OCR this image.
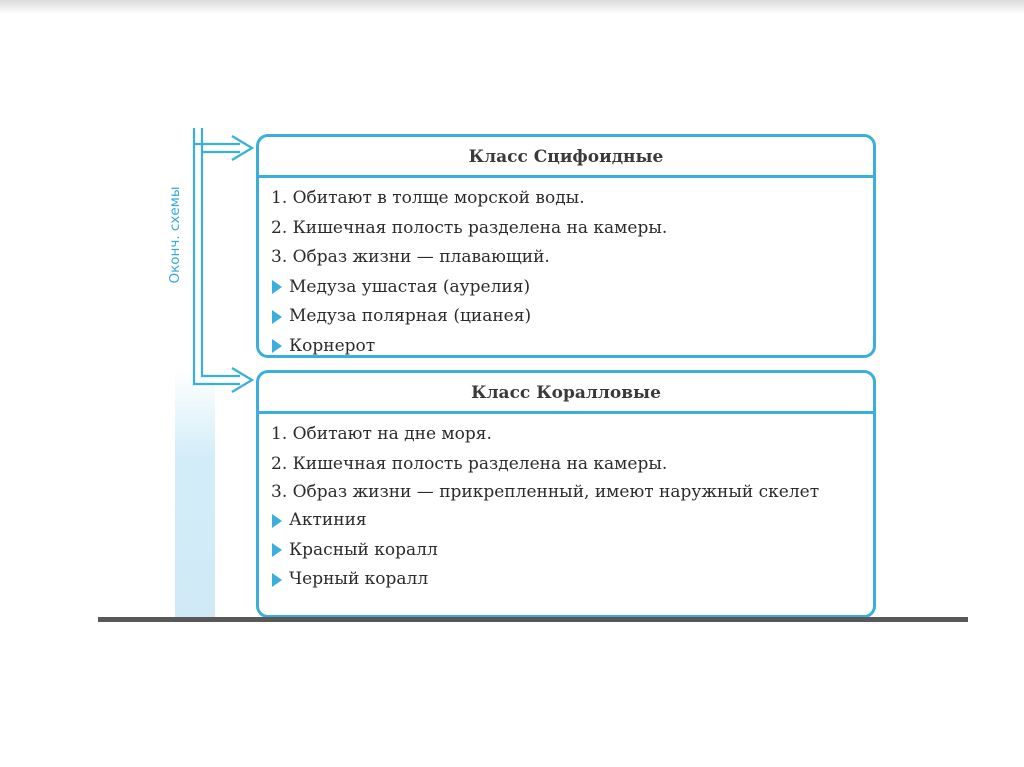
Оконч. схемы
Класс Сцифоидные
1. Обитают в толще морской воды.
2. Кишечная полость разделена на камеры.
3. Образ жизни — плавающий.
Медуза ушастая (аурелия)
Медуза полярная (цианея)
Корнерот
Класс Коралловые
1. Обитают на дне моря.
2. Кишечная полость разделена на камеры.
3. Образ жизни — прикрепленный, имеют наружный скелет
Актиния
Красный коралл
Черный коралл
